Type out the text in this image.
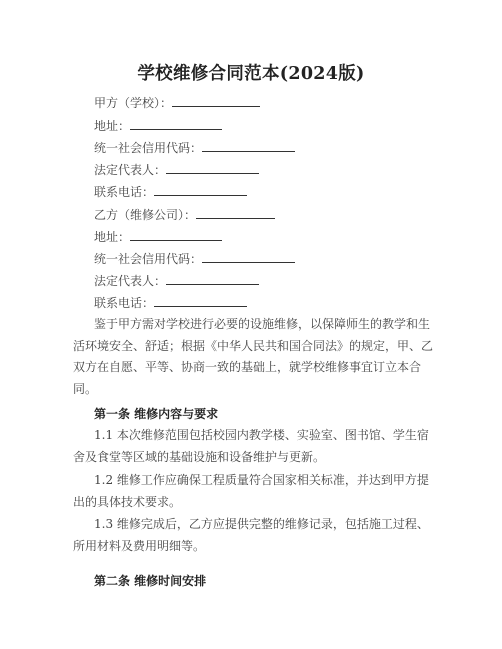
学校维修合同范本(2024版)
甲方（学校）：
地址：
统一社会信用代码：
法定代表人：
联系电话：
乙方（维修公司）：
地址：
统一社会信用代码：
法定代表人：
联系电话：

鉴于甲方需对学校进行必要的设施维修，以保障师生的教学和生活环境安全、舒适；根据《中华人民共和国合同法》的规定，甲、乙双方在自愿、平等、协商一致的基础上，就学校维修事宜订立本合同。

第一条 维修内容与要求

1.1 本次维修范围包括校园内教学楼、实验室、图书馆、学生宿舍及食堂等区域的基础设施和设备维护与更新。

1.2 维修工作应确保工程质量符合国家相关标准，并达到甲方提出的具体技术要求。

1.3 维修完成后，乙方应提供完整的维修记录，包括施工过程、所用材料及费用明细等。

第二条 维修时间安排
